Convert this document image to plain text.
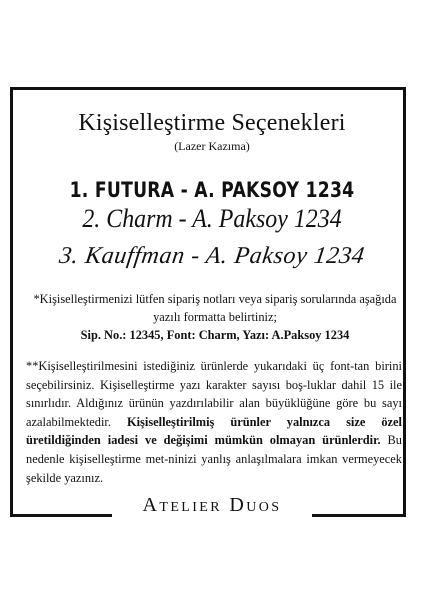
Kişiselleştirme Seçenekleri
(Lazer Kazıma)
1. FUTURA - A. PAKSOY 1234
2. Charm - A. Paksoy 1234
3. Kauffman - A. Paksoy 1234
*Kişiselleştirmenizi lütfen sipariş notları veya sipariş sorularında aşağıda yazılı formatta belirtiniz;
Sip. No.: 12345, Font: Charm, Yazı: A.Paksoy 1234
**Kişiselleştirilmesini istediğiniz ürünlerde yukarıdaki üç font-tan birini seçebilirsiniz. Kişiselleştirme yazı karakter sayısı boş-luklar dahil 15 ile sınırlıdır. Aldığınız ürünün yazdırılabilir alan büyüklüğüne göre bu sayı azalabilmektedir. Kişiselleştirilmiş ürünler yalnızca size özel üretildiğinden iadesi ve değişimi mümkün olmayan ürünlerdir. Bu nedenle kişiselleştirme met-ninizi yanlış anlaşılmalara imkan vermeyecek şekilde yazınız.
Atelier Duos
